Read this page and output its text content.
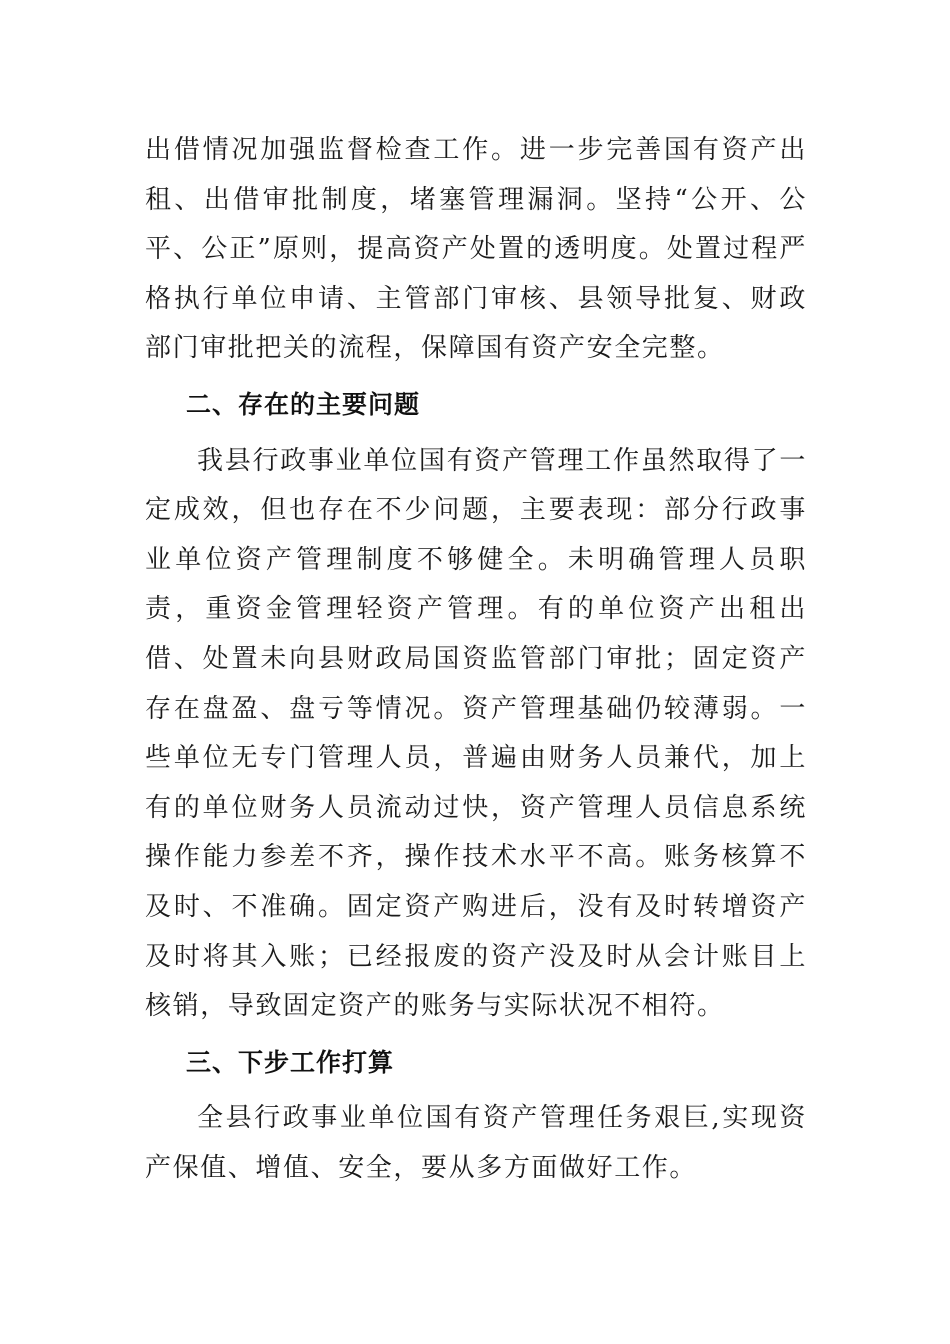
出借情况加强监督检查工作。进一步完善国有资产出租、出借审批制度，堵塞管理漏洞。坚持“公开、公平、公正”原则，提高资产处置的透明度。处置过程严格执行单位申请、主管部门审核、县领导批复、财政部门审批把关的流程，保障国有资产安全完整。

二、存在的主要问题

我县行政事业单位国有资产管理工作虽然取得了一定成效，但也存在不少问题，主要表现：部分行政事业单位资产管理制度不够健全。未明确管理人员职责，重资金管理轻资产管理。有的单位资产出租出借、处置未向县财政局国资监管部门审批；固定资产存在盘盈、盘亏等情况。资产管理基础仍较薄弱。一些单位无专门管理人员，普遍由财务人员兼代，加上有的单位财务人员流动过快，资产管理人员信息系统操作能力参差不齐，操作技术水平不高。账务核算不及时、不准确。固定资产购进后，没有及时转增资产及时将其入账；已经报废的资产没及时从会计账目上核销，导致固定资产的账务与实际状况不相符。

三、下步工作打算

全县行政事业单位国有资产管理任务艰巨,实现资产保值、增值、安全，要从多方面做好工作。
